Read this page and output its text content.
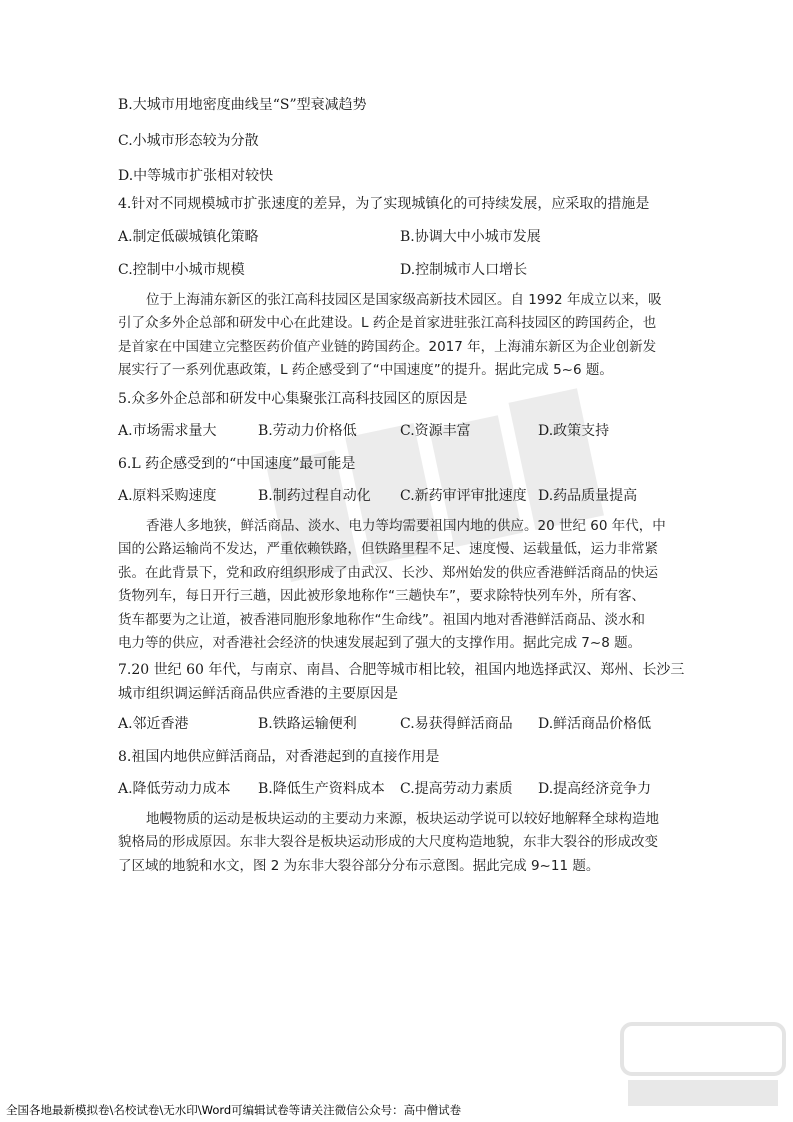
B.大城市用地密度曲线呈“S”型衰减趋势
C.小城市形态较为分散
D.中等城市扩张相对较快
4.针对不同规模城市扩张速度的差异，为了实现城镇化的可持续发展，应采取的措施是
A.制定低碳城镇化策略	B.协调大中小城市发展
C.控制中小城市规模	D.控制城市人口增长

位于上海浦东新区的张江高科技园区是国家级高新技术园区。自 1992 年成立以来，吸

引了众多外企总部和研发中心在此建设。L 药企是首家进驻张江高科技园区的跨国药企，也

是首家在中国建立完整医药价值产业链的跨国药企。2017 年，上海浦东新区为企业创新发

展实行了一系列优惠政策，L 药企感受到了“中国速度”的提升。据此完成 5~6 题。

5.众多外企总部和研发中心集聚张江高科技园区的原因是
A.市场需求量大	B.劳动力价格低	C.资源丰富	D.政策支持
6.L 药企感受到的“中国速度”最可能是
A.原料采购速度	B.制药过程自动化 C.新药审评审批速度 D.药品质量提高

香港人多地狭，鲜活商品、淡水、电力等均需要祖国内地的供应。20 世纪 60 年代，中

国的公路运输尚不发达，严重依赖铁路，但铁路里程不足、速度慢、运载量低，运力非常紧

张。在此背景下，党和政府组织形成了由武汉、长沙、郑州始发的供应香港鲜活商品的快运

货物列车，每日开行三趟，因此被形象地称作“三趟快车”，要求除特快列车外，所有客、

货车都要为之让道，被香港同胞形象地称作“生命线”。祖国内地对香港鲜活商品、淡水和

电力等的供应，对香港社会经济的快速发展起到了强大的支撑作用。据此完成 7~8 题。

7.20 世纪 60 年代，与南京、南昌、合肥等城市相比较，祖国内地选择武汉、郑州、长沙三
城市组织调运鲜活商品供应香港的主要原因是
A.邻近香港	B.铁路运输便利	C.易获得鲜活商品 D.鲜活商品价格低
8.祖国内地供应鲜活商品，对香港起到的直接作用是
A.降低劳动力成本 B.降低生产资料成本 C.提高劳动力素质 D.提高经济竞争力

地幔物质的运动是板块运动的主要动力来源，板块运动学说可以较好地解释全球构造地

貌格局的形成原因。东非大裂谷是板块运动形成的大尺度构造地貌，东非大裂谷的形成改变

了区域的地貌和水文，图 2 为东非大裂谷部分分布示意图。据此完成 9~11 题。

全国各地最新模拟卷\名校试卷\无水印\Word可编辑试卷等请关注微信公众号：高中僧试卷
